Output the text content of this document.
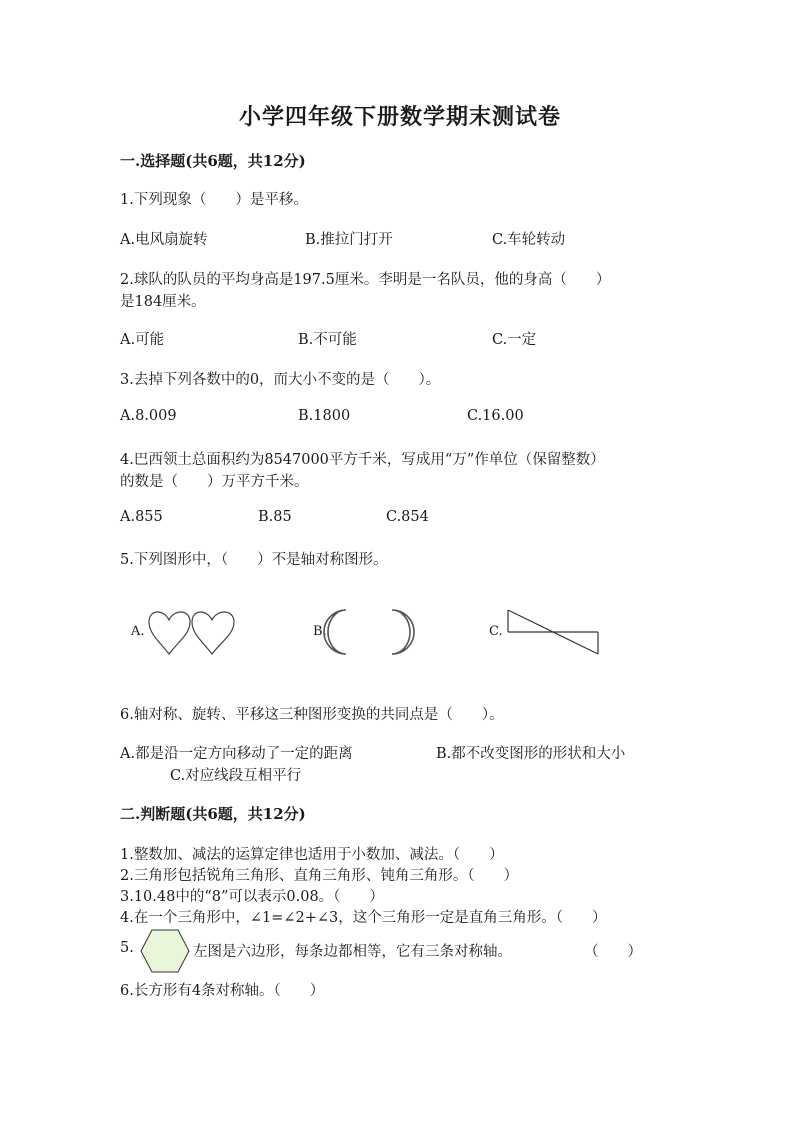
小学四年级下册数学期末测试卷
一.选择题(共6题，共12分)
1.下列现象（　　）是平移。
A.电风扇旋转	B.推拉门打开	C.车轮转动
2.球队的队员的平均身高是197.5厘米。李明是一名队员，他的身高（　　）
是184厘米。
A.可能	B.不可能	C.一定
3.去掉下列各数中的0，而大小不变的是（　　）。
A.8.009	B.1800	C.16.00
4.巴西领土总面积约为8547000平方千米，写成用“万”作单位（保留整数）
的数是（　　）万平方千米。
A.855	B.85	C.854
5.下列图形中，（　　）不是轴对称图形。
A.	B.	C.
6.轴对称、旋转、平移这三种图形变换的共同点是（　　）。
A.都是沿一定方向移动了一定的距离	B.都不改变图形的形状和大小
C.对应线段互相平行
二.判断题(共6题，共12分)
1.整数加、减法的运算定律也适用于小数加、减法。（　　）
2.三角形包括锐角三角形、直角三角形、钝角三角形。（　　）
3.10.48中的“8”可以表示0.08。（　　）
4.在一个三角形中，∠1=∠2+∠3，这个三角形一定是直角三角形。（　　）
5.	左图是六边形，每条边都相等，它有三条对称轴。	（　　）
6.长方形有4条对称轴。（　　）
